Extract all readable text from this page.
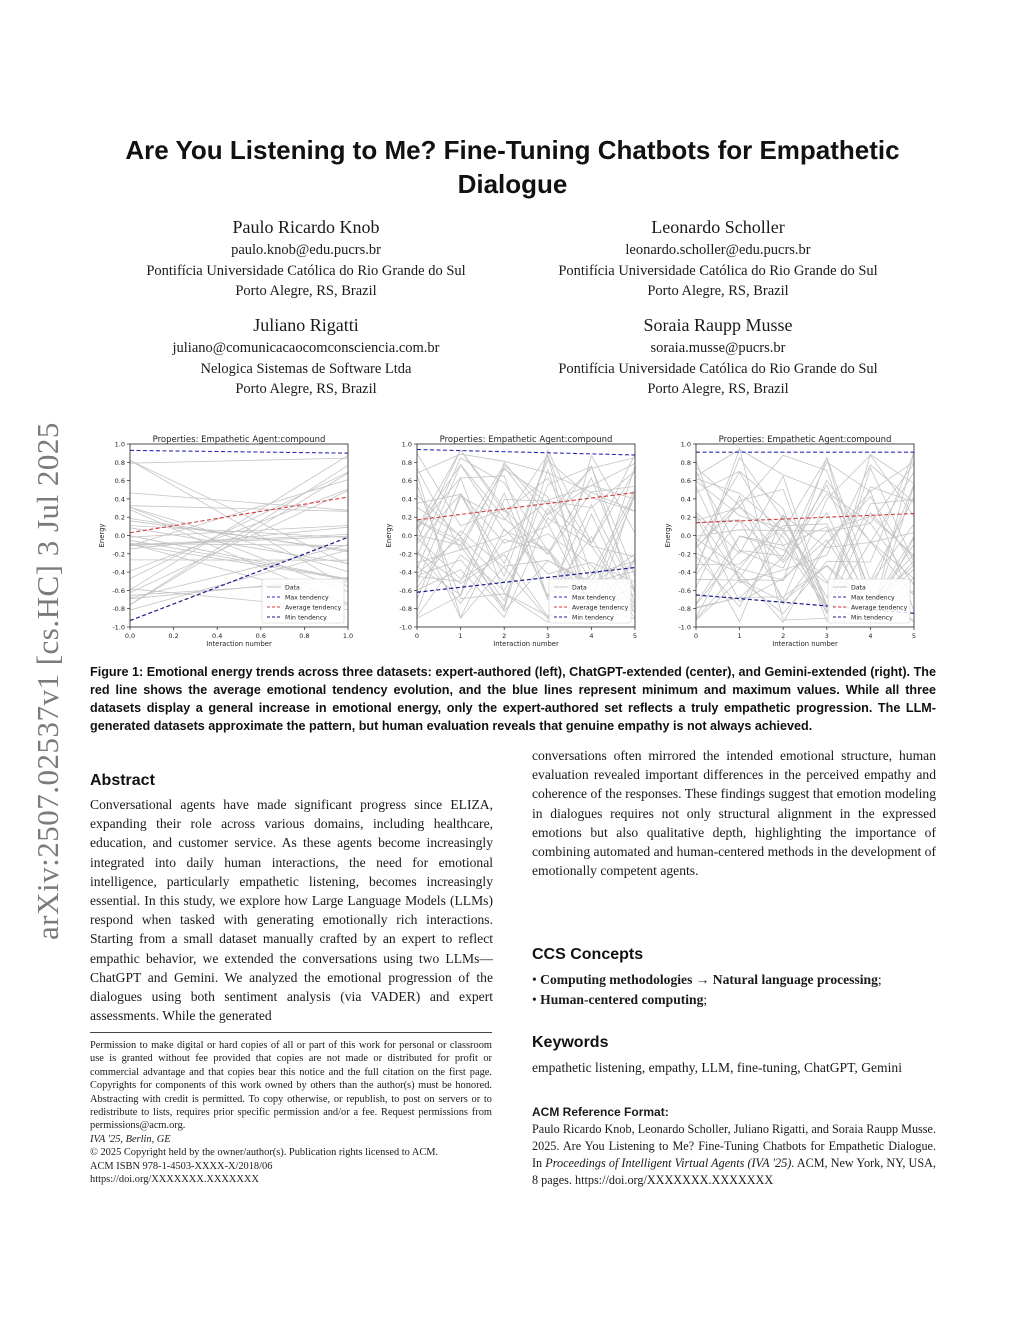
arXiv:2507.02537v1 [cs.HC] 3 Jul 2025
Are You Listening to Me? Fine-Tuning Chatbots for Empathetic Dialogue
Paulo Ricardo Knob
paulo.knob@edu.pucrs.br
Pontifícia Universidade Católica do Rio Grande do Sul
Porto Alegre, RS, Brazil
Leonardo Scholler
leonardo.scholler@edu.pucrs.br
Pontifícia Universidade Católica do Rio Grande do Sul
Porto Alegre, RS, Brazil
Juliano Rigatti
juliano@comunicacaocomconsciencia.com.br
Nelogica Sistemas de Software Ltda
Porto Alegre, RS, Brazil
Soraia Raupp Musse
soraia.musse@pucrs.br
Pontifícia Universidade Católica do Rio Grande do Sul
Porto Alegre, RS, Brazil
Properties: Empathetic Agent:compound
-1.0
-0.8
-0.6
-0.4
-0.2
0.0
0.2
0.4
0.6
0.8
1.0
0.0	0.2	0.4	0.6	0.8	1.0
Interaction number
Energy
Data
Max tendency
Average tendency
Min tendency
Properties: Empathetic Agent:compound
-1.0
-0.8
-0.6
-0.4
-0.2
0.0
0.2
0.4
0.6
0.8
1.0
0	1	2	3	4	5
Interaction number
Energy
Data
Max tendency
Average tendency
Min tendency
Properties: Empathetic Agent:compound
-1.0
-0.8
-0.6
-0.4
-0.2
0.0
0.2
0.4
0.6
0.8
1.0
0	1	2	3	4	5
Interaction number
Energy
Data
Max tendency
Average tendency
Min tendency
Figure 1: Emotional energy trends across three datasets: expert-authored (left), ChatGPT-extended (center), and Gemini-extended (right). The red line shows the average emotional tendency evolution, and the blue lines represent minimum and maximum values. While all three datasets display a general increase in emotional energy, only the expert-authored set reflects a truly empathetic progression. The LLM-generated datasets approximate the pattern, but human evaluation reveals that genuine empathy is not always achieved.
Abstract
Conversational agents have made significant progress since ELIZA, expanding their role across various domains, including healthcare, education, and customer service. As these agents become increasingly integrated into daily human interactions, the need for emotional intelligence, particularly empathetic listening, becomes increasingly essential. In this study, we explore how Large Language Models (LLMs) respond when tasked with generating emotionally rich interactions. Starting from a small dataset manually crafted by an expert to reflect empathic behavior, we extended the conversations using two LLMs—ChatGPT and Gemini. We analyzed the emotional progression of the dialogues using both sentiment analysis (via VADER) and expert assessments. While the generated
conversations often mirrored the intended emotional structure, human evaluation revealed important differences in the perceived empathy and coherence of the responses. These findings suggest that emotion modeling in dialogues requires not only structural alignment in the expressed emotions but also qualitative depth, highlighting the importance of combining automated and human-centered methods in the development of emotionally competent agents.
CCS Concepts
• Computing methodologies → Natural language processing;
• Human-centered computing;
Keywords
empathetic listening, empathy, LLM, fine-tuning, ChatGPT, Gemini
Permission to make digital or hard copies of all or part of this work for personal or classroom use is granted without fee provided that copies are not made or distributed for profit or commercial advantage and that copies bear this notice and the full citation on the first page. Copyrights for components of this work owned by others than the author(s) must be honored. Abstracting with credit is permitted. To copy otherwise, or republish, to post on servers or to redistribute to lists, requires prior specific permission and/or a fee. Request permissions from permissions@acm.org.
IVA '25, Berlin, GE
© 2025 Copyright held by the owner/author(s). Publication rights licensed to ACM.
ACM ISBN 978-1-4503-XXXX-X/2018/06
https://doi.org/XXXXXXX.XXXXXXX
ACM Reference Format:
Paulo Ricardo Knob, Leonardo Scholler, Juliano Rigatti, and Soraia Raupp Musse. 2025. Are You Listening to Me? Fine-Tuning Chatbots for Empathetic Dialogue. In Proceedings of Intelligent Virtual Agents (IVA '25). ACM, New York, NY, USA, 8 pages. https://doi.org/XXXXXXX.XXXXXXX
